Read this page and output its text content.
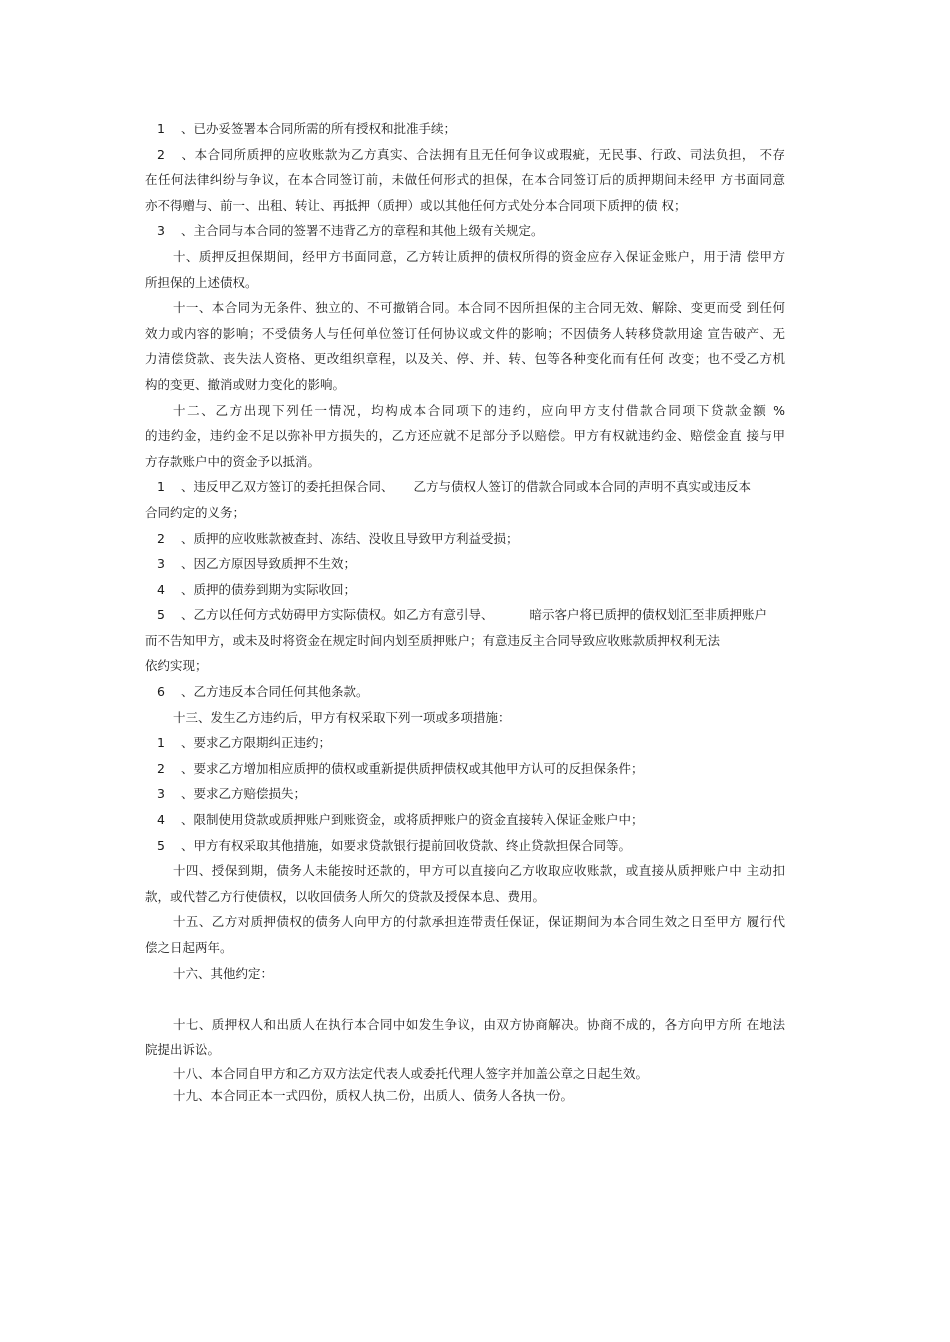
1 、已办妥签署本合同所需的所有授权和批准手续；
2 、本合同所质押的应收账款为乙方真实、合法拥有且无任何争议或瑕疵，无民事、行政、司法负担， 不存
在任何法律纠纷与争议，在本合同签订前，未做任何形式的担保，在本合同签订后的质押期间未经甲 方书面同意
亦不得赠与、前一、出租、转让、再抵押（质押）或以其他任何方式处分本合同项下质押的债 权；
3 、主合同与本合同的签署不违背乙方的章程和其他上级有关规定。
十、质押反担保期间，经甲方书面同意，乙方转让质押的债权所得的资金应存入保证金账户，用于清 偿甲方
所担保的上述债权。
十一、本合同为无条件、独立的、不可撤销合同。本合同不因所担保的主合同无效、解除、变更而受 到任何
效力或内容的影响；不受债务人与任何单位签订任何协议或文件的影响；不因债务人转移贷款用途 宣告破产、无
力清偿贷款、丧失法人资格、更改组织章程，以及关、停、并、转、包等各种变化而有任何 改变；也不受乙方机
构的变更、撤消或财力变化的影响。
十二、乙方出现下列任一情况，均构成本合同项下的违约，应向甲方支付借款合同项下贷款金额 %
的违约金，违约金不足以弥补甲方损失的，乙方还应就不足部分予以赔偿。甲方有权就违约金、赔偿金直 接与甲
方存款账户中的资金予以抵消。
1 、违反甲乙双方签订的委托担保合同、 乙方与债权人签订的借款合同或本合同的声明不真实或违反本
合同约定的义务；
2 、质押的应收账款被查封、冻结、没收且导致甲方利益受损；
3 、因乙方原因导致质押不生效；
4 、质押的债券到期为实际收回；
5 、乙方以任何方式妨碍甲方实际债权。如乙方有意引导、	暗示客户将已质押的债权划汇至非质押账户
而不告知甲方，或未及时将资金在规定时间内划至质押账户；有意违反主合同导致应收账款质押权利无法
依约实现；
6 、乙方违反本合同任何其他条款。
十三、发生乙方违约后，甲方有权采取下列一项或多项措施：
1 、要求乙方限期纠正违约；
2 、要求乙方增加相应质押的债权或重新提供质押债权或其他甲方认可的反担保条件；
3 、要求乙方赔偿损失；
4 、限制使用贷款或质押账户到账资金，或将质押账户的资金直接转入保证金账户中；
5 、甲方有权采取其他措施，如要求贷款银行提前回收贷款、终止贷款担保合同等。
十四、授保到期，债务人未能按时还款的，甲方可以直接向乙方收取应收账款，或直接从质押账户中 主动扣
款，或代替乙方行使债权，以收回债务人所欠的贷款及授保本息、费用。
十五、乙方对质押债权的债务人向甲方的付款承担连带责任保证，保证期间为本合同生效之日至甲方 履行代
偿之日起两年。
十六、其他约定：
十七、质押权人和出质人在执行本合同中如发生争议，由双方协商解决。协商不成的，各方向甲方所 在地法
院提出诉讼。
十八、本合同自甲方和乙方双方法定代表人或委托代理人签字并加盖公章之日起生效。
十九、本合同正本一式四份，质权人执二份，出质人、债务人各执一份。
